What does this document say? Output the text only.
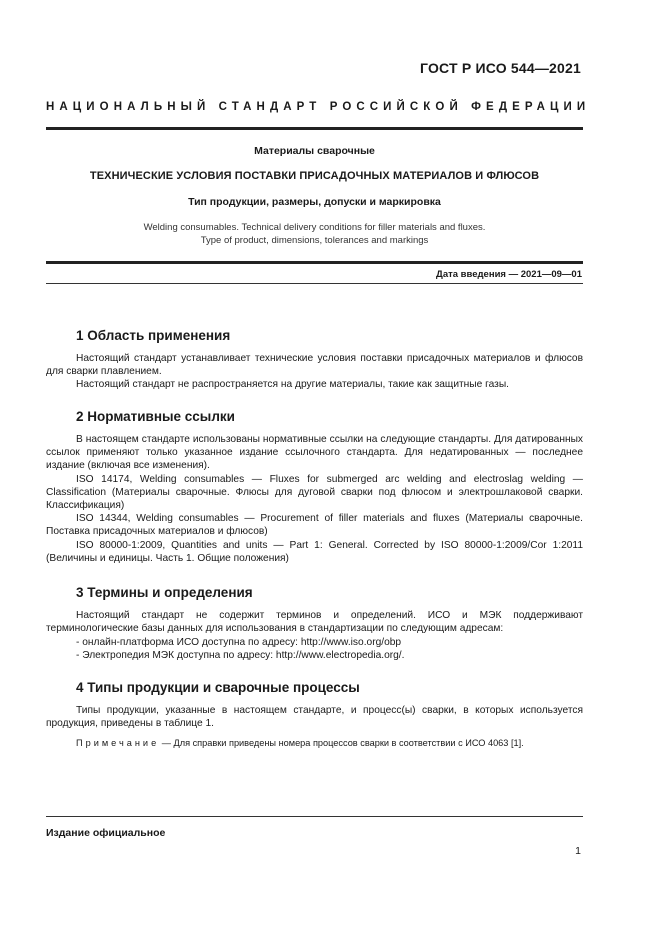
ГОСТ Р ИСО 544—2021
НАЦИОНАЛЬНЫЙ СТАНДАРТ РОССИЙСКОЙ ФЕДЕРАЦИИ
Материалы сварочные
ТЕХНИЧЕСКИЕ УСЛОВИЯ ПОСТАВКИ ПРИСАДОЧНЫХ МАТЕРИАЛОВ И ФЛЮСОВ
Тип продукции, размеры, допуски и маркировка
Welding consumables. Technical delivery conditions for filler materials and fluxes.
Type of product, dimensions, tolerances and markings
Дата введения — 2021—09—01
1 Область применения

Настоящий стандарт устанавливает технические условия поставки присадочных материалов и флюсов для сварки плавлением.

Настоящий стандарт не распространяется на другие материалы, такие как защитные газы.

2 Нормативные ссылки

В настоящем стандарте использованы нормативные ссылки на следующие стандарты. Для датированных ссылок применяют только указанное издание ссылочного стандарта. Для недатированных — последнее издание (включая все изменения).

ISO 14174, Welding consumables — Fluxes for submerged arc welding and electroslag welding — Classification (Материалы сварочные. Флюсы для дуговой сварки под флюсом и электрошлаковой сварки. Классификация)

ISO 14344, Welding consumables — Procurement of filler materials and fluxes (Материалы сварочные. Поставка присадочных материалов и флюсов)

ISO 80000-1:2009, Quantities and units — Part 1: General. Corrected by ISO 80000-1:2009/Cor 1:2011 (Величины и единицы. Часть 1. Общие положения)

3 Термины и определения

Настоящий стандарт не содержит терминов и определений. ИСО и МЭК поддерживают терминологические базы данных для использования в стандартизации по следующим адресам:

- онлайн-платформа ИСО доступна по адресу: http://www.iso.org/obp
- Электропедия МЭК доступна по адресу: http://www.electropedia.org/.
4 Типы продукции и сварочные процессы

Типы продукции, указанные в настоящем стандарте, и процесс(ы) сварки, в которых используется продукция, приведены в таблице 1.

Примечание — Для справки приведены номера процессов сварки в соответствии с ИСО 4063 [1].
Издание официальное
1
